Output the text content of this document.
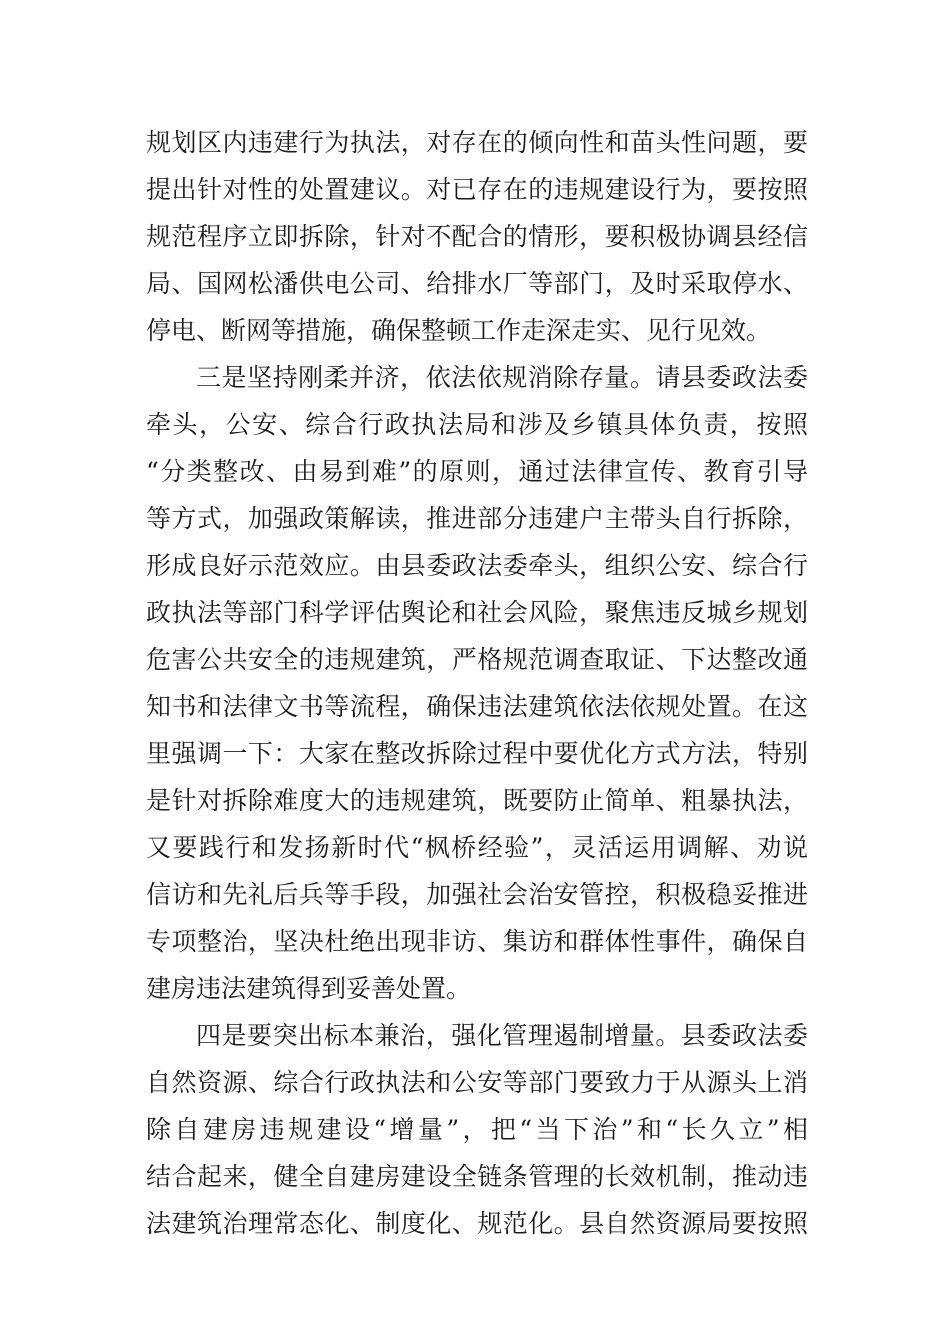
规划区内违建行为执法，对存在的倾向性和苗头性问题，要
提出针对性的处置建议。对已存在的违规建设行为，要按照
规范程序立即拆除，针对不配合的情形，要积极协调县经信
局、国网松潘供电公司、给排水厂等部门，及时采取停水、
停电、断网等措施，确保整顿工作走深走实、见行见效。
三是坚持刚柔并济，依法依规消除存量。请县委政法委
牵头，公安、综合行政执法局和涉及乡镇具体负责，按照
“分类整改、由易到难”的原则，通过法律宣传、教育引导
等方式，加强政策解读，推进部分违建户主带头自行拆除，
形成良好示范效应。由县委政法委牵头，组织公安、综合行
政执法等部门科学评估舆论和社会风险，聚焦违反城乡规划
危害公共安全的违规建筑，严格规范调查取证、下达整改通
知书和法律文书等流程，确保违法建筑依法依规处置。在这
里强调一下：大家在整改拆除过程中要优化方式方法，特别
是针对拆除难度大的违规建筑，既要防止简单、粗暴执法，
又要践行和发扬新时代“枫桥经验”，灵活运用调解、劝说
信访和先礼后兵等手段，加强社会治安管控，积极稳妥推进
专项整治，坚决杜绝出现非访、集访和群体性事件，确保自
建房违法建筑得到妥善处置。
四是要突出标本兼治，强化管理遏制增量。县委政法委
自然资源、综合行政执法和公安等部门要致力于从源头上消
除自建房违规建设“增量”，把“当下治”和“长久立”相
结合起来，健全自建房建设全链条管理的长效机制，推动违
法建筑治理常态化、制度化、规范化。县自然资源局要按照
